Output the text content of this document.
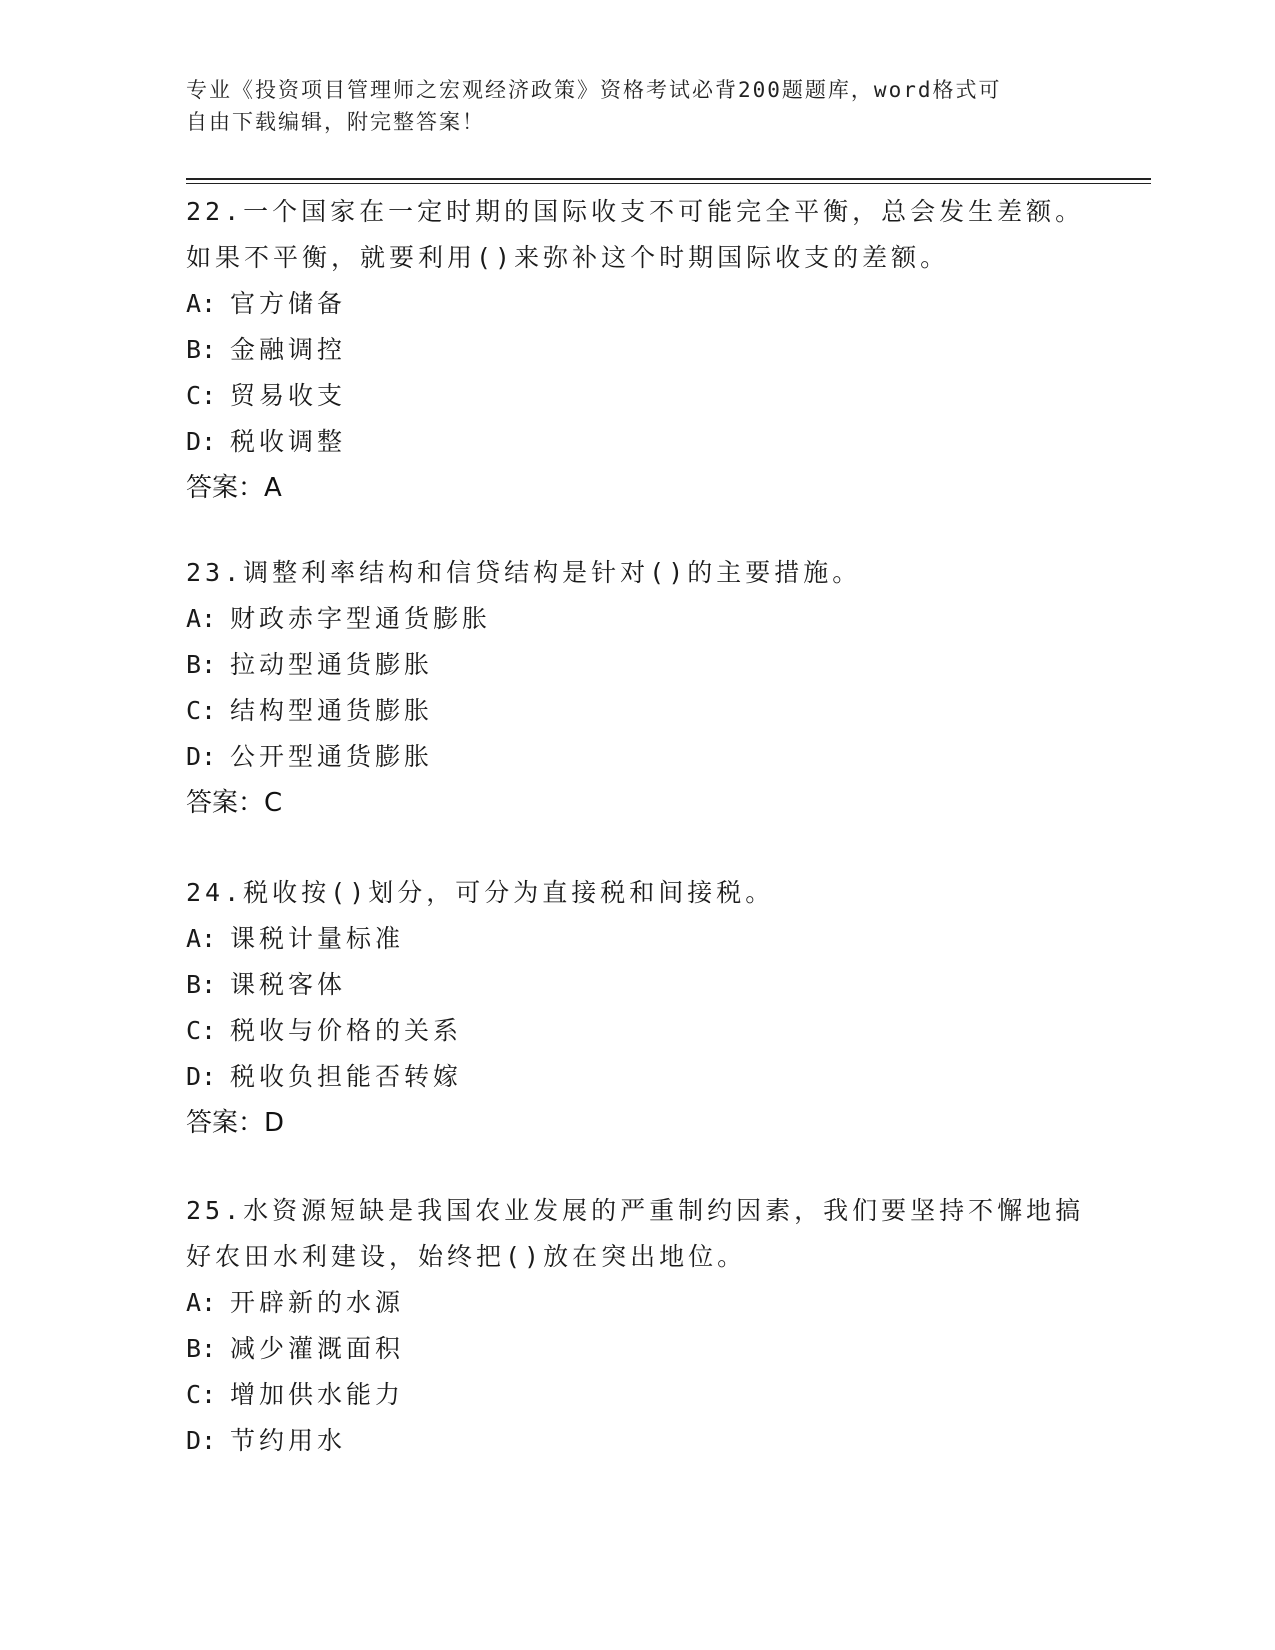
专业《投资项目管理师之宏观经济政策》资格考试必背200题题库，word格式可
自由下载编辑，附完整答案！

22.一个国家在一定时期的国际收支不可能完全平衡，总会发生差额。

如果不平衡，就要利用()来弥补这个时期国际收支的差额。

A: 官方储备

B: 金融调控

C: 贸易收支

D: 税收调整

答案：A

23.调整利率结构和信贷结构是针对()的主要措施。

A: 财政赤字型通货膨胀

B: 拉动型通货膨胀

C: 结构型通货膨胀

D: 公开型通货膨胀

答案：C

24.税收按()划分，可分为直接税和间接税。

A: 课税计量标准

B: 课税客体

C: 税收与价格的关系

D: 税收负担能否转嫁

答案：D

25.水资源短缺是我国农业发展的严重制约因素，我们要坚持不懈地搞

好农田水利建设，始终把()放在突出地位。

A: 开辟新的水源

B: 减少灌溉面积

C: 增加供水能力

D: 节约用水
